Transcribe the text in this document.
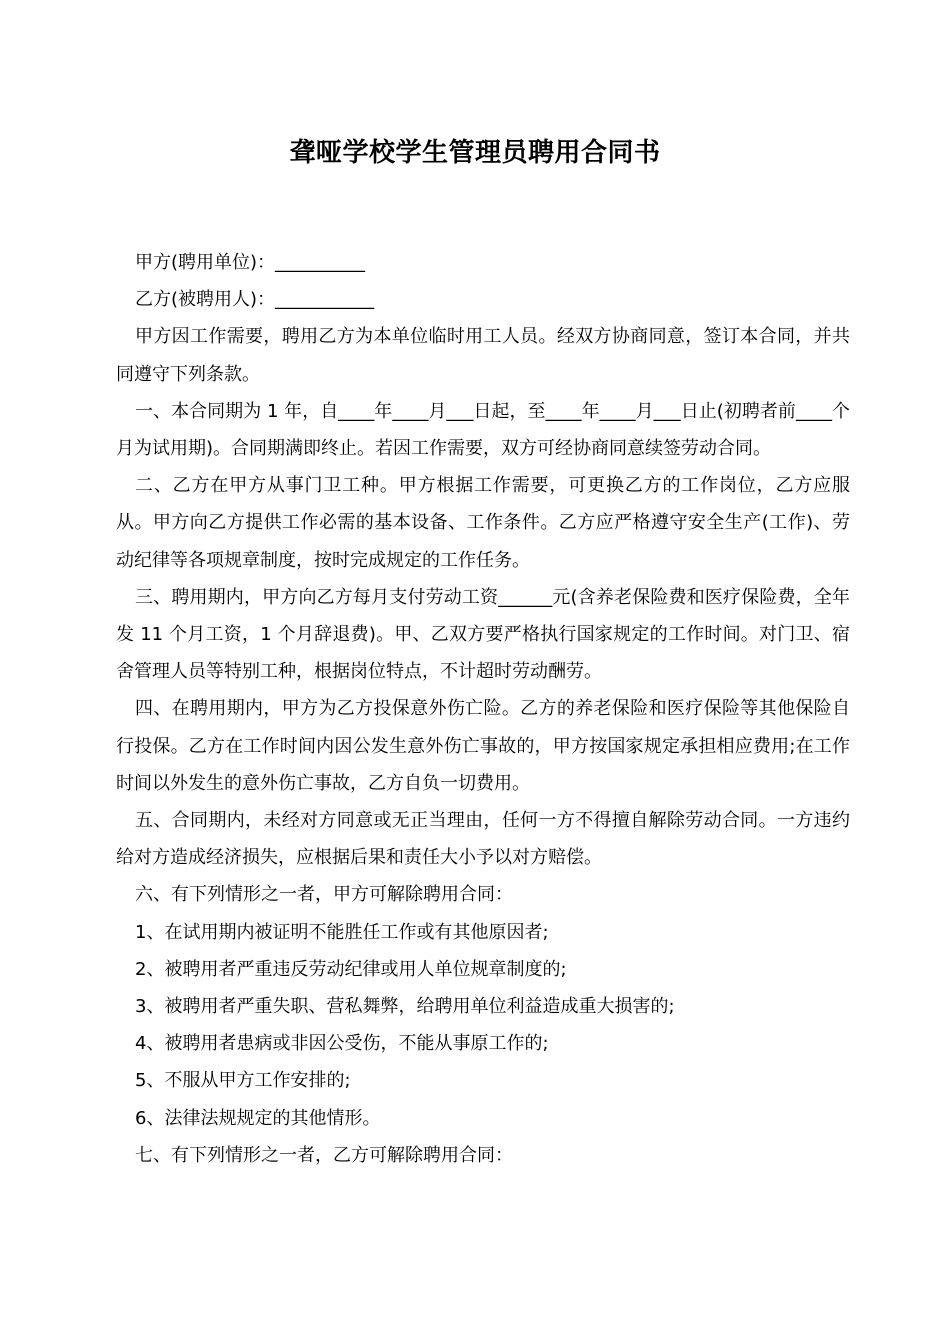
聋哑学校学生管理员聘用合同书

甲方(聘用单位)：__________

乙方(被聘用人)：___________

甲方因工作需要，聘用乙方为本单位临时用工人员。经双方协商同意，签订本合同，并共同遵守下列条款。

一、本合同期为 1 年，自____年____月___日起，至____年____月___日止(初聘者前____个月为试用期)。合同期满即终止。若因工作需要，双方可经协商同意续签劳动合同。

二、乙方在甲方从事门卫工种。甲方根据工作需要，可更换乙方的工作岗位，乙方应服从。甲方向乙方提供工作必需的基本设备、工作条件。乙方应严格遵守安全生产(工作)、劳动纪律等各项规章制度，按时完成规定的工作任务。

三、聘用期内，甲方向乙方每月支付劳动工资______元(含养老保险费和医疗保险费，全年发 11 个月工资，1 个月辞退费)。甲、乙双方要严格执行国家规定的工作时间。对门卫、宿舍管理人员等特别工种，根据岗位特点，不计超时劳动酬劳。

四、在聘用期内，甲方为乙方投保意外伤亡险。乙方的养老保险和医疗保险等其他保险自行投保。乙方在工作时间内因公发生意外伤亡事故的，甲方按国家规定承担相应费用;在工作时间以外发生的意外伤亡事故，乙方自负一切费用。

五、合同期内，未经对方同意或无正当理由，任何一方不得擅自解除劳动合同。一方违约给对方造成经济损失，应根据后果和责任大小予以对方赔偿。

六、有下列情形之一者，甲方可解除聘用合同：

1、在试用期内被证明不能胜任工作或有其他原因者;

2、被聘用者严重违反劳动纪律或用人单位规章制度的;

3、被聘用者严重失职、营私舞弊，给聘用单位利益造成重大损害的;

4、被聘用者患病或非因公受伤，不能从事原工作的;

5、不服从甲方工作安排的;

6、法律法规规定的其他情形。

七、有下列情形之一者，乙方可解除聘用合同：
